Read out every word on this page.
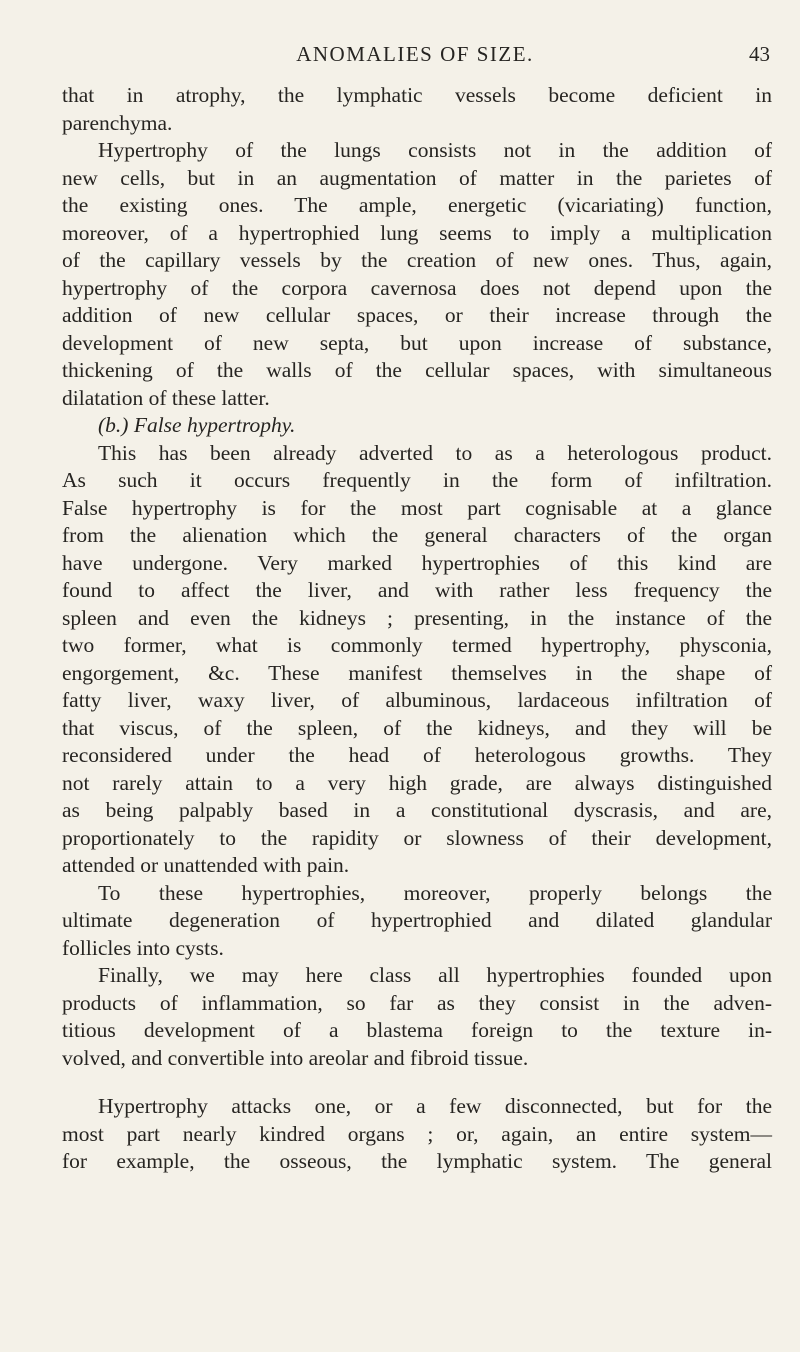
ANOMALIES OF SIZE.	43
that in atrophy, the lymphatic vessels become deficient in
parenchyma.
Hypertrophy of the lungs consists not in the addition of
new cells, but in an augmentation of matter in the parietes of
the existing ones. The ample, energetic (vicariating) function,
moreover, of a hypertrophied lung seems to imply a multiplication
of the capillary vessels by the creation of new ones. Thus, again,
hypertrophy of the corpora cavernosa does not depend upon the
addition of new cellular spaces, or their increase through the
development of new septa, but upon increase of substance,
thickening of the walls of the cellular spaces, with simultaneous
dilatation of these latter.
(b.) False hypertrophy.
This has been already adverted to as a heterologous product.
As such it occurs frequently in the form of infiltration.
False hypertrophy is for the most part cognisable at a glance
from the alienation which the general characters of the organ
have undergone. Very marked hypertrophies of this kind are
found to affect the liver, and with rather less frequency the
spleen and even the kidneys ; presenting, in the instance of the
two former, what is commonly termed hypertrophy, physconia,
engorgement, &c. These manifest themselves in the shape of
fatty liver, waxy liver, of albuminous, lardaceous infiltration of
that viscus, of the spleen, of the kidneys, and they will be
reconsidered under the head of heterologous growths. They
not rarely attain to a very high grade, are always distinguished
as being palpably based in a constitutional dyscrasis, and are,
proportionately to the rapidity or slowness of their development,
attended or unattended with pain.
To these hypertrophies, moreover, properly belongs the
ultimate degeneration of hypertrophied and dilated glandular
follicles into cysts.
Finally, we may here class all hypertrophies founded upon
products of inflammation, so far as they consist in the adven-
titious development of a blastema foreign to the texture in-
volved, and convertible into areolar and fibroid tissue.
Hypertrophy attacks one, or a few disconnected, but for the
most part nearly kindred organs ; or, again, an entire system—
for example, the osseous, the lymphatic system. The general
